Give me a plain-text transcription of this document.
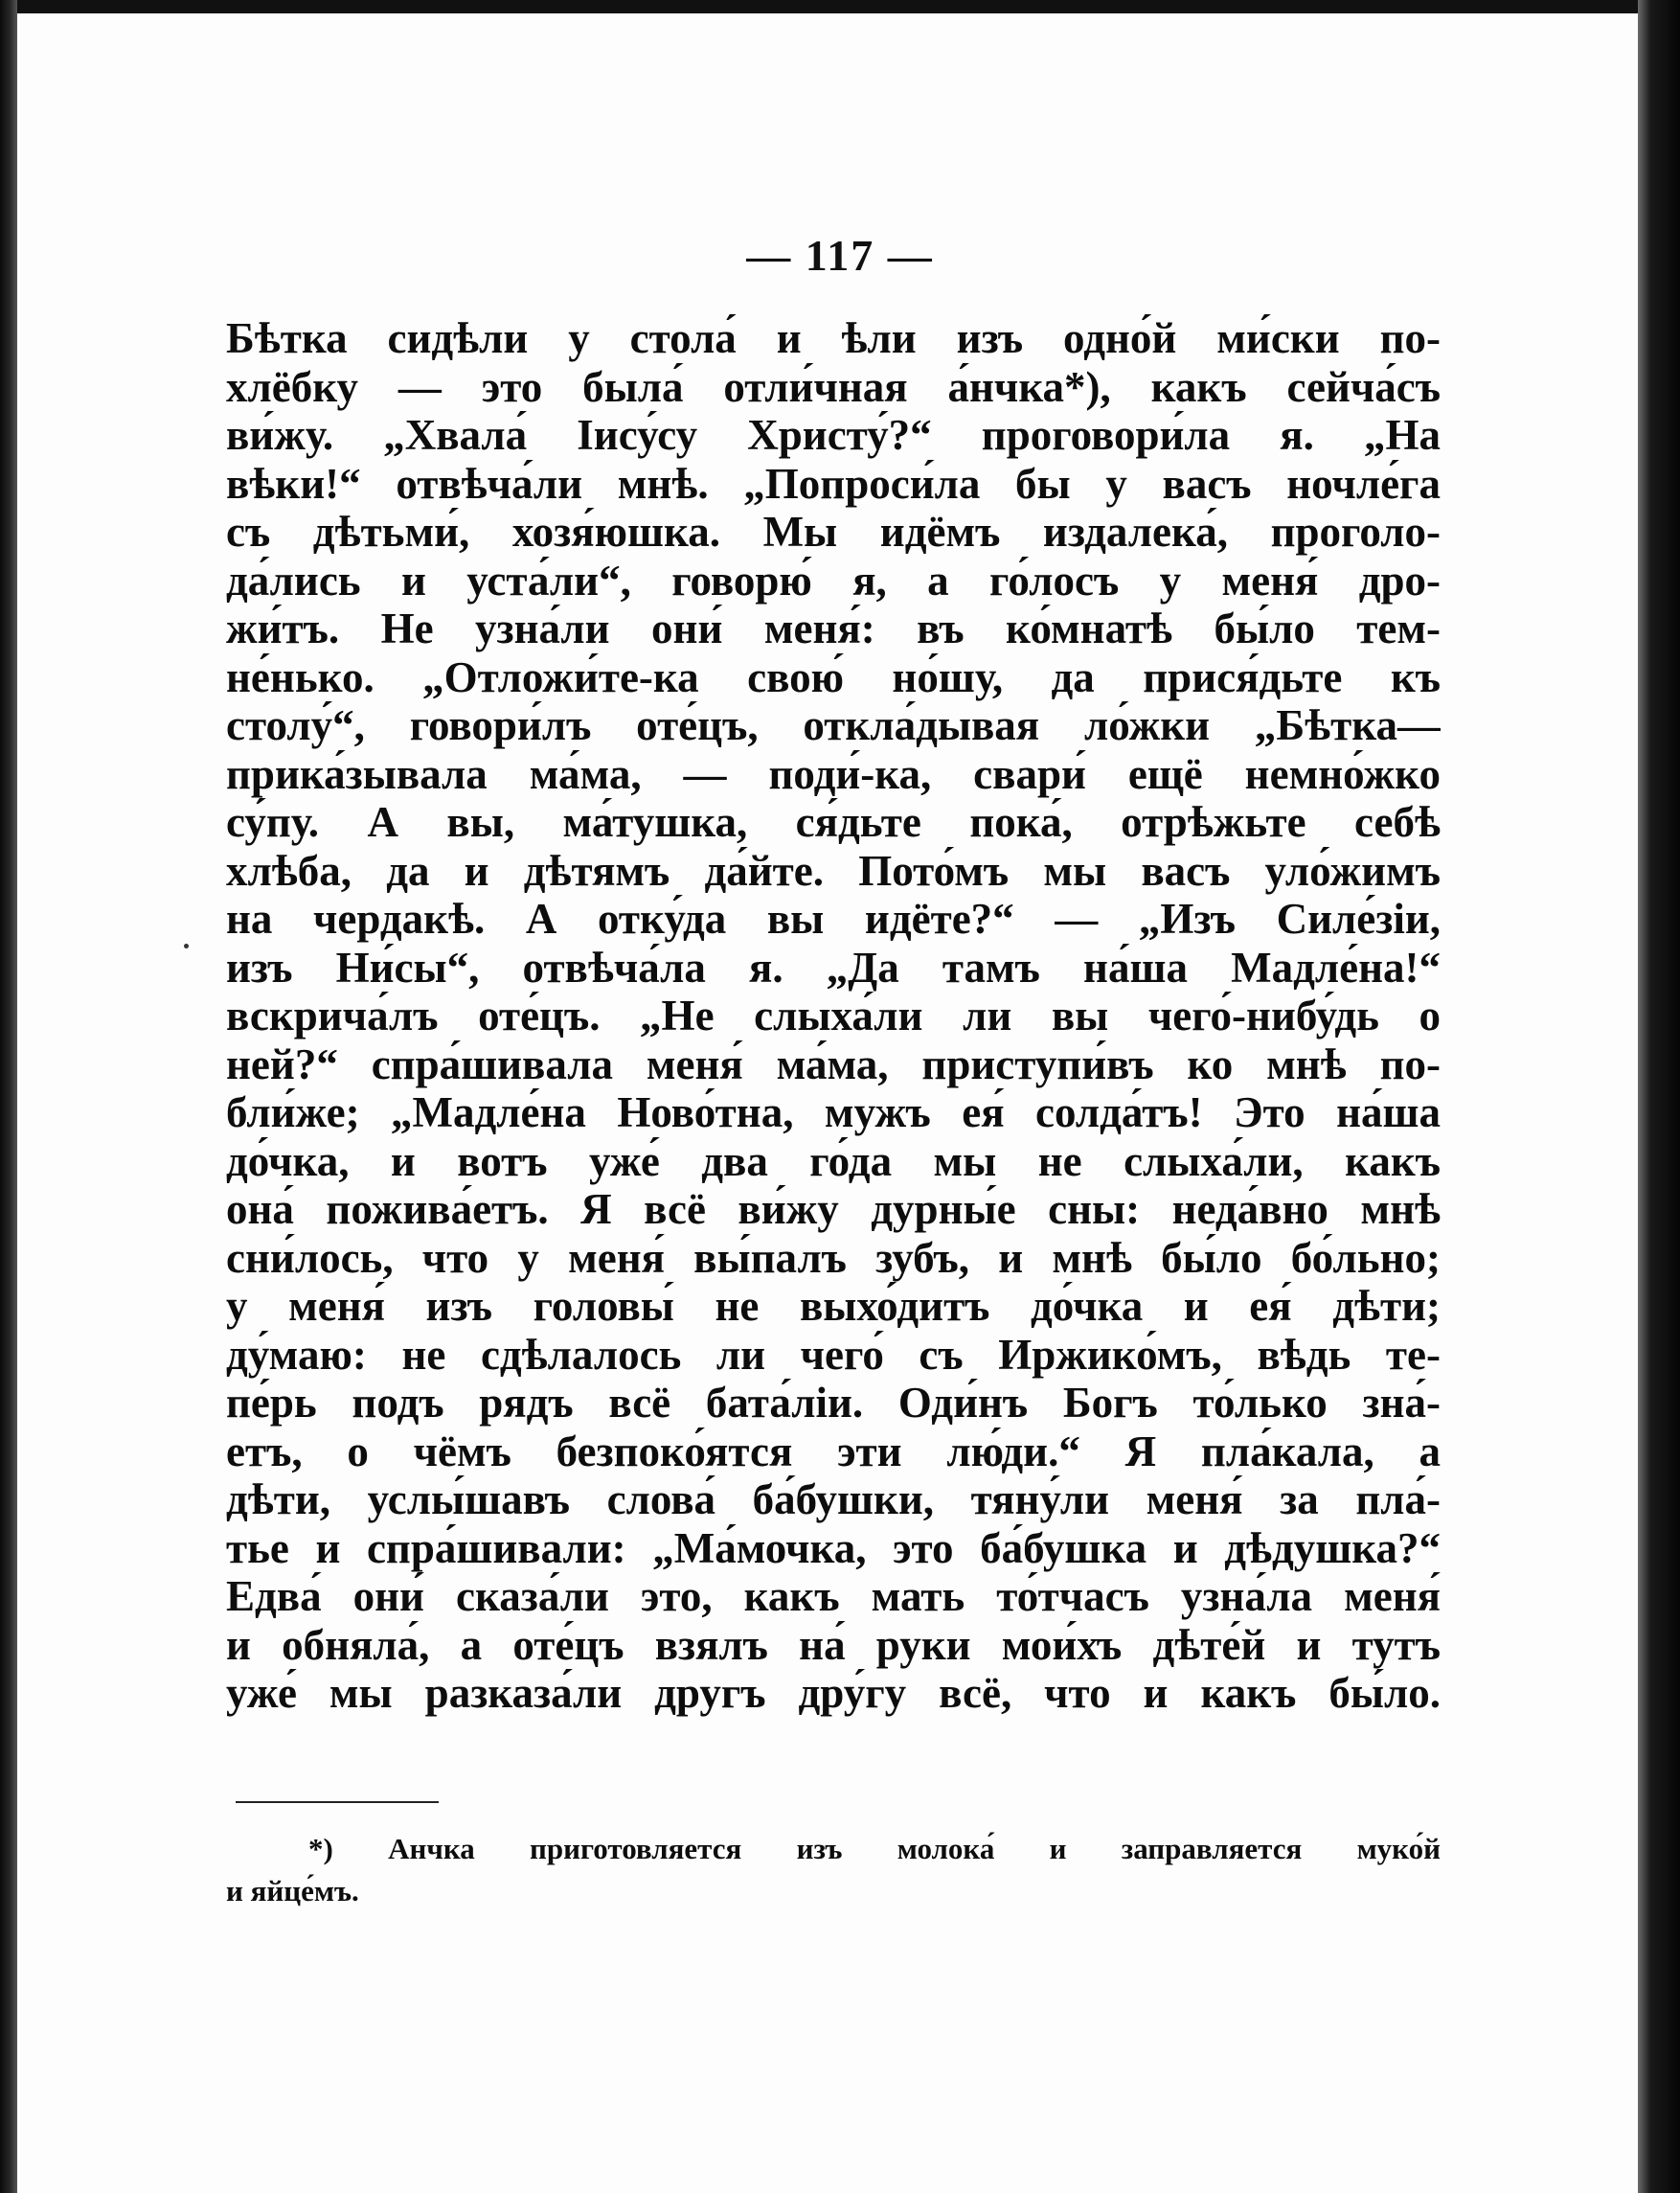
— 117 —
Бѣтка сидѣли у стола́ и ѣли изъ одно́й ми́ски по-
хлёбку — это была́ отли́чная а́нчка*), какъ сейча́съ
ви́жу. „Хвала́ Іису́су Христу́?“ проговори́ла я. „На
вѣки!“ отвѣча́ли мнѣ. „Попроси́ла бы у васъ ночле́га
съ дѣтьми́, хозя́юшка. Мы идёмъ издалека́, проголо-
да́лись и уста́ли“, говорю́ я, а го́лосъ у меня́ дро-
жи́тъ. Не узна́ли они́ меня́: въ ко́мнатѣ бы́ло тем-
не́нько. „Отложи́те-ка свою́ но́шу, да прися́дьте къ
столу́“, говори́лъ оте́цъ, откла́дывая ло́жки „Бѣтка—
прика́зывала ма́ма, — поди́-ка, свари́ ещё немно́жко
су́пу. А вы, ма́тушка, ся́дьте пока́, отрѣжьте себѣ
хлѣба, да и дѣтямъ да́йте. Пото́мъ мы васъ уло́жимъ
на чердакѣ. А отку́да вы идёте?“ — „Изъ Силе́зіи,
изъ Ни́сы“, отвѣча́ла я. „Да тамъ на́ша Мадле́на!“
вскрича́лъ оте́цъ. „Не слыха́ли ли вы чего́-нибу́дь о
ней?“ спра́шивала меня́ ма́ма, приступи́въ ко мнѣ по-
бли́же; „Мадле́на Ново́тна, мужъ ея́ солда́тъ! Это на́ша
до́чка, и вотъ уже́ два го́да мы не слыха́ли, какъ
она́ пожива́етъ. Я всё ви́жу дурны́е сны: неда́вно мнѣ
сни́лось, что у меня́ вы́палъ зубъ, и мнѣ бы́ло бо́льно;
у меня́ изъ головы́ не выхо́дитъ до́чка и ея́ дѣти;
ду́маю: не сдѣлалось ли чего́ съ Иржико́мъ, вѣдь те-
пе́рь подъ рядъ всё бата́ліи. Оди́нъ Богъ то́лько зна́-
етъ, о чёмъ безпоко́ятся эти лю́ди.“ Я пла́кала, а
дѣти, услы́шавъ слова́ ба́бушки, тяну́ли меня́ за пла́-
тье и спра́шивали: „Ма́мочка, это ба́бушка и дѣдушка?“
Едва́ они́ сказа́ли это, какъ мать то́тчасъ узна́ла меня́
и обняла́, а оте́цъ взялъ на́ руки мои́хъ дѣте́й и тутъ
уже́ мы разказа́ли другъ дру́гу всё, что и какъ бы́ло.
*) Анчка приготовляется изъ молока́ и заправляется муко́й
и яйце́мъ.
